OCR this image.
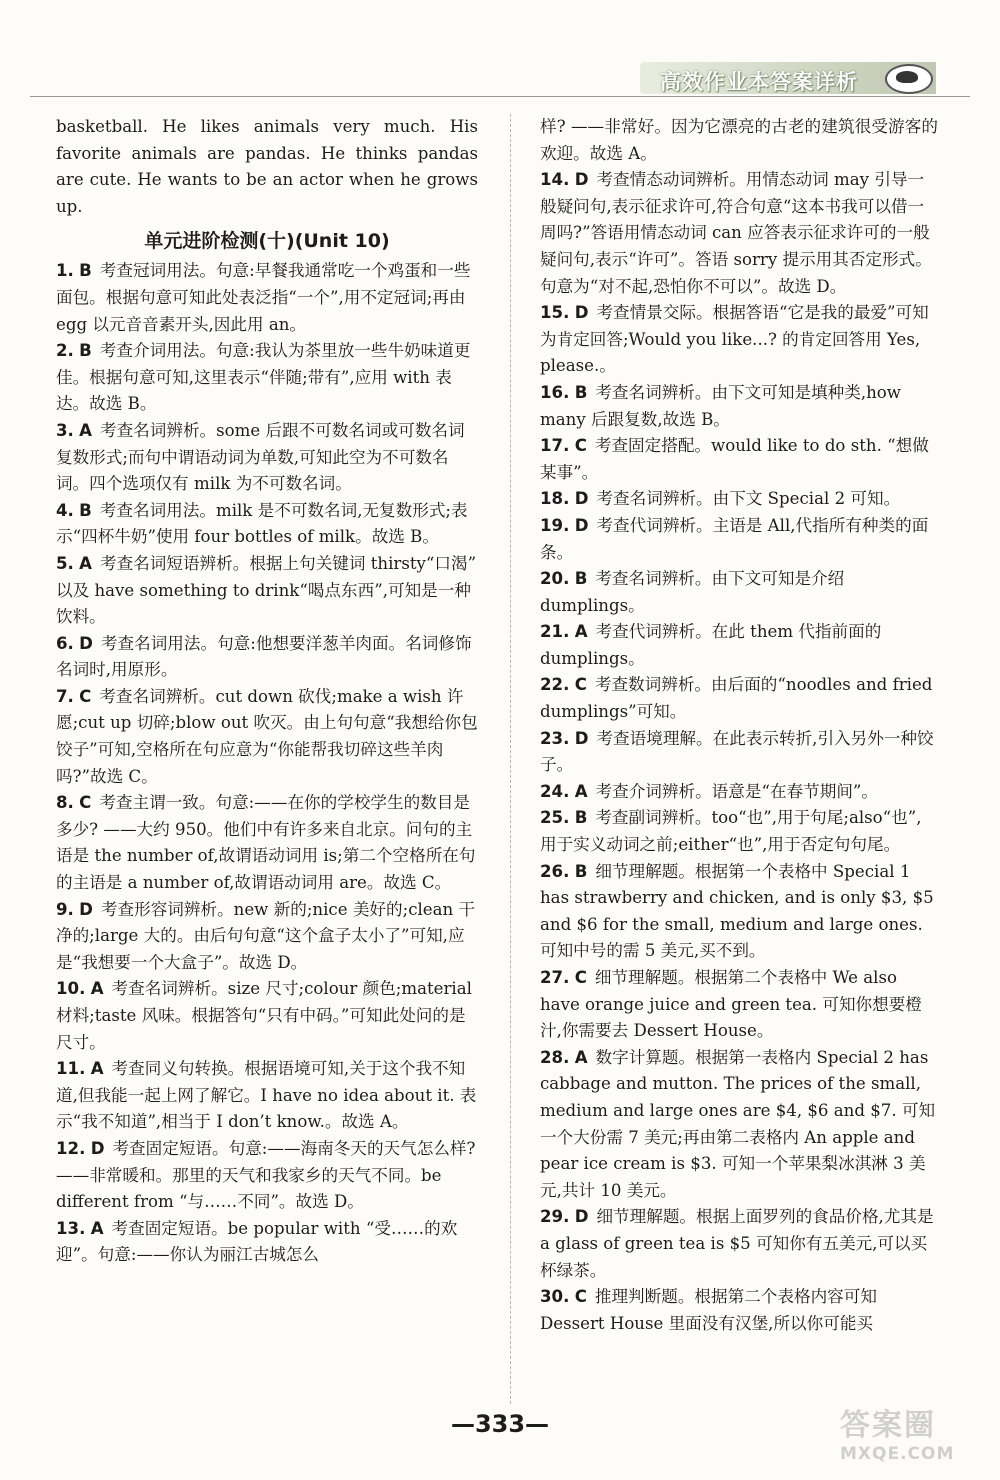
高效作业本答案详析
basketball. He likes animals very much. His favorite animals are pandas. He thinks pandas are cute. He wants to be an actor when he grows up.
单元进阶检测(十)(Unit 10)
1. B 考查冠词用法。句意:早餐我通常吃一个鸡蛋和一些面包。根据句意可知此处表泛指“一个”,用不定冠词;再由 egg 以元音音素开头,因此用 an。
2. B 考查介词用法。句意:我认为茶里放一些牛奶味道更佳。根据句意可知,这里表示“伴随;带有”,应用 with 表达。故选 B。
3. A 考查名词辨析。some 后跟不可数名词或可数名词复数形式;而句中谓语动词为单数,可知此空为不可数名词。四个选项仅有 milk 为不可数名词。
4. B 考查名词用法。milk 是不可数名词,无复数形式;表示“四杯牛奶”使用 four bottles of milk。故选 B。
5. A 考查名词短语辨析。根据上句关键词 thirsty“口渴” 以及 have something to drink“喝点东西”,可知是一种饮料。
6. D 考查名词用法。句意:他想要洋葱羊肉面。名词修饰名词时,用原形。
7. C 考查名词辨析。cut down 砍伐;make a wish 许愿;cut up 切碎;blow out 吹灭。由上句句意“我想给你包饺子”可知,空格所在句应意为“你能帮我切碎这些羊肉吗?”故选 C。
8. C 考查主谓一致。句意:——在你的学校学生的数目是多少? ——大约 950。他们中有许多来自北京。问句的主语是 the number of,故谓语动词用 is;第二个空格所在句的主语是 a number of,故谓语动词用 are。故选 C。
9. D 考查形容词辨析。new 新的;nice 美好的;clean 干净的;large 大的。由后句句意“这个盒子太小了”可知,应是“我想要一个大盒子”。故选 D。
10. A 考查名词辨析。size 尺寸;colour 颜色;material 材料;taste 风味。根据答句“只有中码。”可知此处问的是尺寸。
11. A 考查同义句转换。根据语境可知,关于这个我不知道,但我能一起上网了解它。I have no idea about it. 表示“我不知道”,相当于 I don’t know.。故选 A。
12. D 考查固定短语。句意:——海南冬天的天气怎么样? ——非常暖和。那里的天气和我家乡的天气不同。be different from “与……不同”。故选 D。
13. A 考查固定短语。be popular with “受……的欢迎”。句意:——你认为丽江古城怎么
样? ——非常好。因为它漂亮的古老的建筑很受游客的欢迎。故选 A。
14. D 考查情态动词辨析。用情态动词 may 引导一般疑问句,表示征求许可,符合句意“这本书我可以借一周吗?”答语用情态动词 can 应答表示征求许可的一般疑问句,表示“许可”。答语 sorry 提示用其否定形式。句意为“对不起,恐怕你不可以”。故选 D。
15. D 考查情景交际。根据答语“它是我的最爱”可知为肯定回答;Would you like...? 的肯定回答用 Yes, please.。
16. B 考查名词辨析。由下文可知是填种类,how many 后跟复数,故选 B。
17. C 考查固定搭配。would like to do sth. “想做某事”。
18. D 考查名词辨析。由下文 Special 2 可知。
19. D 考查代词辨析。主语是 All,代指所有种类的面条。
20. B 考查名词辨析。由下文可知是介绍 dumplings。
21. A 考查代词辨析。在此 them 代指前面的 dumplings。
22. C 考查数词辨析。由后面的“noodles and fried dumplings”可知。
23. D 考查语境理解。在此表示转折,引入另外一种饺子。
24. A 考查介词辨析。语意是“在春节期间”。
25. B 考查副词辨析。too“也”,用于句尾;also“也”,用于实义动词之前;either“也”,用于否定句句尾。
26. B 细节理解题。根据第一个表格中 Special 1 has strawberry and chicken, and is only $3, $5 and $6 for the small, medium and large ones. 可知中号的需 5 美元,买不到。
27. C 细节理解题。根据第二个表格中 We also have orange juice and green tea. 可知你想要橙汁,你需要去 Dessert House。
28. A 数字计算题。根据第一表格内 Special 2 has cabbage and mutton. The prices of the small, medium and large ones are $4, $6 and $7. 可知一个大份需 7 美元;再由第二表格内 An apple and pear ice cream is $3. 可知一个苹果梨冰淇淋 3 美元,共计 10 美元。
29. D 细节理解题。根据上面罗列的食品价格,尤其是 a glass of green tea is $5 可知你有五美元,可以买杯绿茶。
30. C 推理判断题。根据第二个表格内容可知 Dessert House 里面没有汉堡,所以你可能买
—333—	答案圈
MXQE.COM
